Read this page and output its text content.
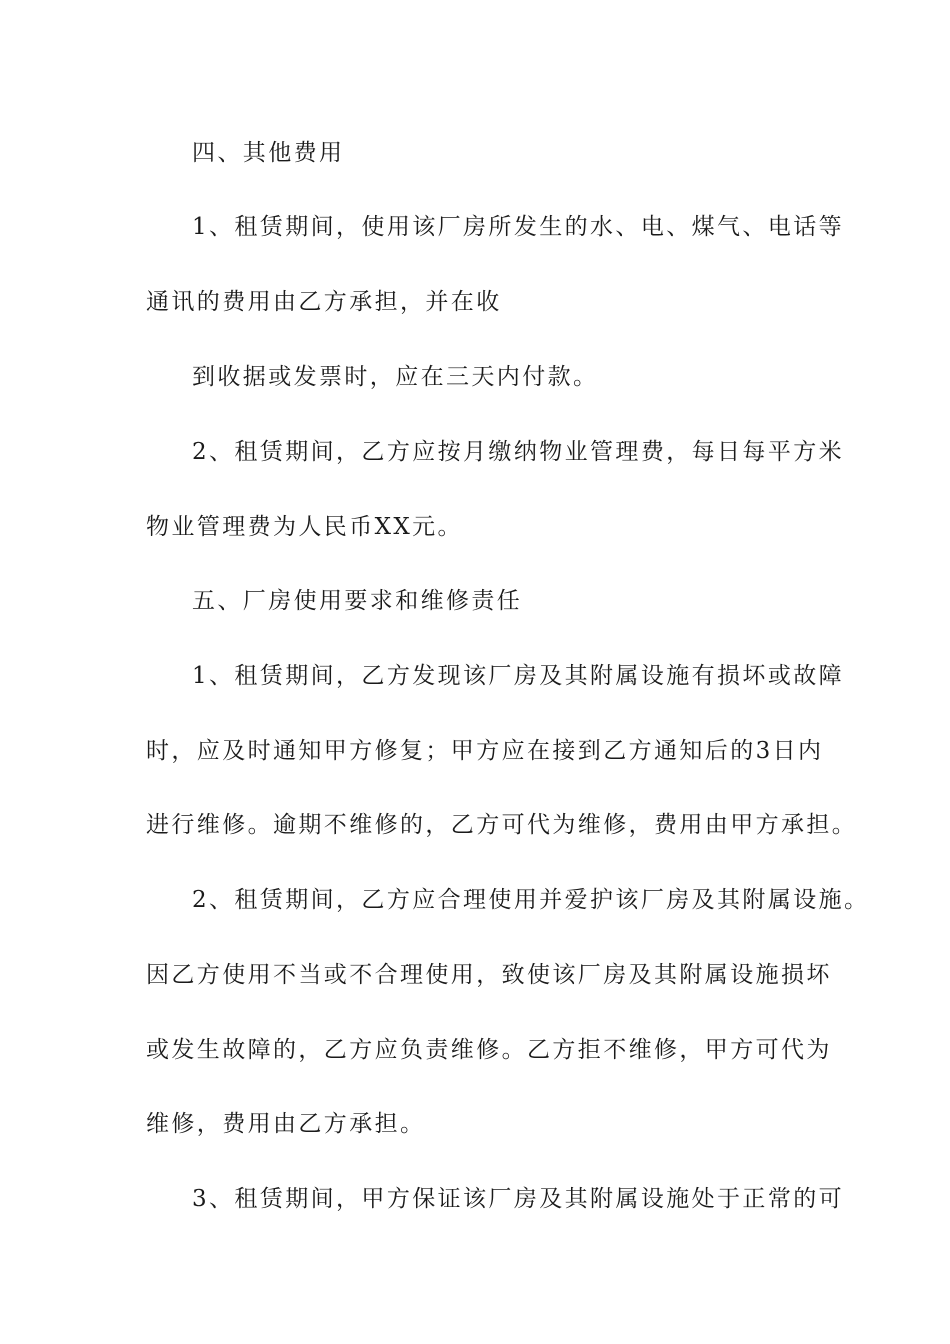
四、其他费用
1、租赁期间，使用该厂房所发生的水、电、煤气、电话等
通讯的费用由乙方承担，并在收
到收据或发票时，应在三天内付款。
2、租赁期间，乙方应按月缴纳物业管理费，每日每平方米
物业管理费为人民币XX元。
五、厂房使用要求和维修责任
1、租赁期间，乙方发现该厂房及其附属设施有损坏或故障
时，应及时通知甲方修复；甲方应在接到乙方通知后的3日内
进行维修。逾期不维修的，乙方可代为维修，费用由甲方承担。
2、租赁期间，乙方应合理使用并爱护该厂房及其附属设施。
因乙方使用不当或不合理使用，致使该厂房及其附属设施损坏
或发生故障的，乙方应负责维修。乙方拒不维修，甲方可代为
维修，费用由乙方承担。
3、租赁期间，甲方保证该厂房及其附属设施处于正常的可
